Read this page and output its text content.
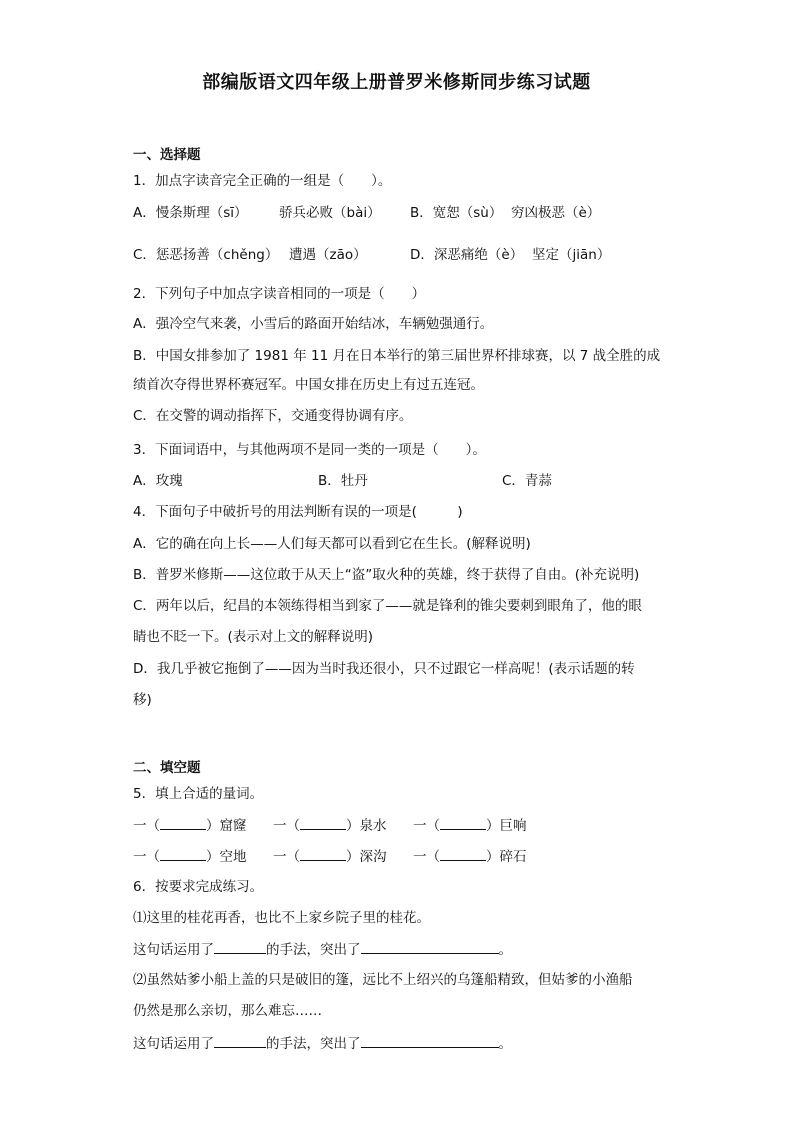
部编版语文四年级上册普罗米修斯同步练习试题
一、选择题
1．加点字读音完全正确的一组是（　　）。
A．慢条斯理（sī） 骄兵必败（bài） B．宽恕（sù） 穷凶极恶（è）
C．惩恶扬善（chěng） 遭遇（zāo）	D．深恶痛绝（è） 坚定（jiān）
2．下列句子中加点字读音相同的一项是（　　）
A．强冷空气来袭，小雪后的路面开始结冰，车辆勉强通行。
B．中国女排参加了 1981 年 11 月在日本举行的第三届世界杯排球赛，以 7 战全胜的成
绩首次夺得世界杯赛冠军。中国女排在历史上有过五连冠。
C．在交警的调动指挥下，交通变得协调有序。
3．下面词语中，与其他两项不是同一类的一项是（　　）。
A．玫瑰	B．牡丹	C．青蒜
4．下面句子中破折号的用法判断有误的一项是(　　　)
A．它的确在向上长——人们每天都可以看到它在生长。(解释说明)
B．普罗米修斯——这位敢于从天上“盗”取火种的英雄，终于获得了自由。(补充说明)
C．两年以后，纪昌的本领练得相当到家了——就是锋利的锥尖要刺到眼角了，他的眼
睛也不眨一下。(表示对上文的解释说明)
D．我几乎被它拖倒了——因为当时我还很小，只不过跟它一样高呢！(表示话题的转
移)
二、填空题
5．填上合适的量词。
一（	）窟窿 一（	）泉水 一（	）巨响
一（	）空地 一（	）深沟 一（	）碎石
6．按要求完成练习。
⑴这里的桂花再香，也比不上家乡院子里的桂花。
这句话运用了	的手法，突出了	。
⑵虽然姑爹小船上盖的只是破旧的篷，远比不上绍兴的乌篷船精致，但姑爹的小渔船
仍然是那么亲切，那么难忘……
这句话运用了	的手法，突出了	。
